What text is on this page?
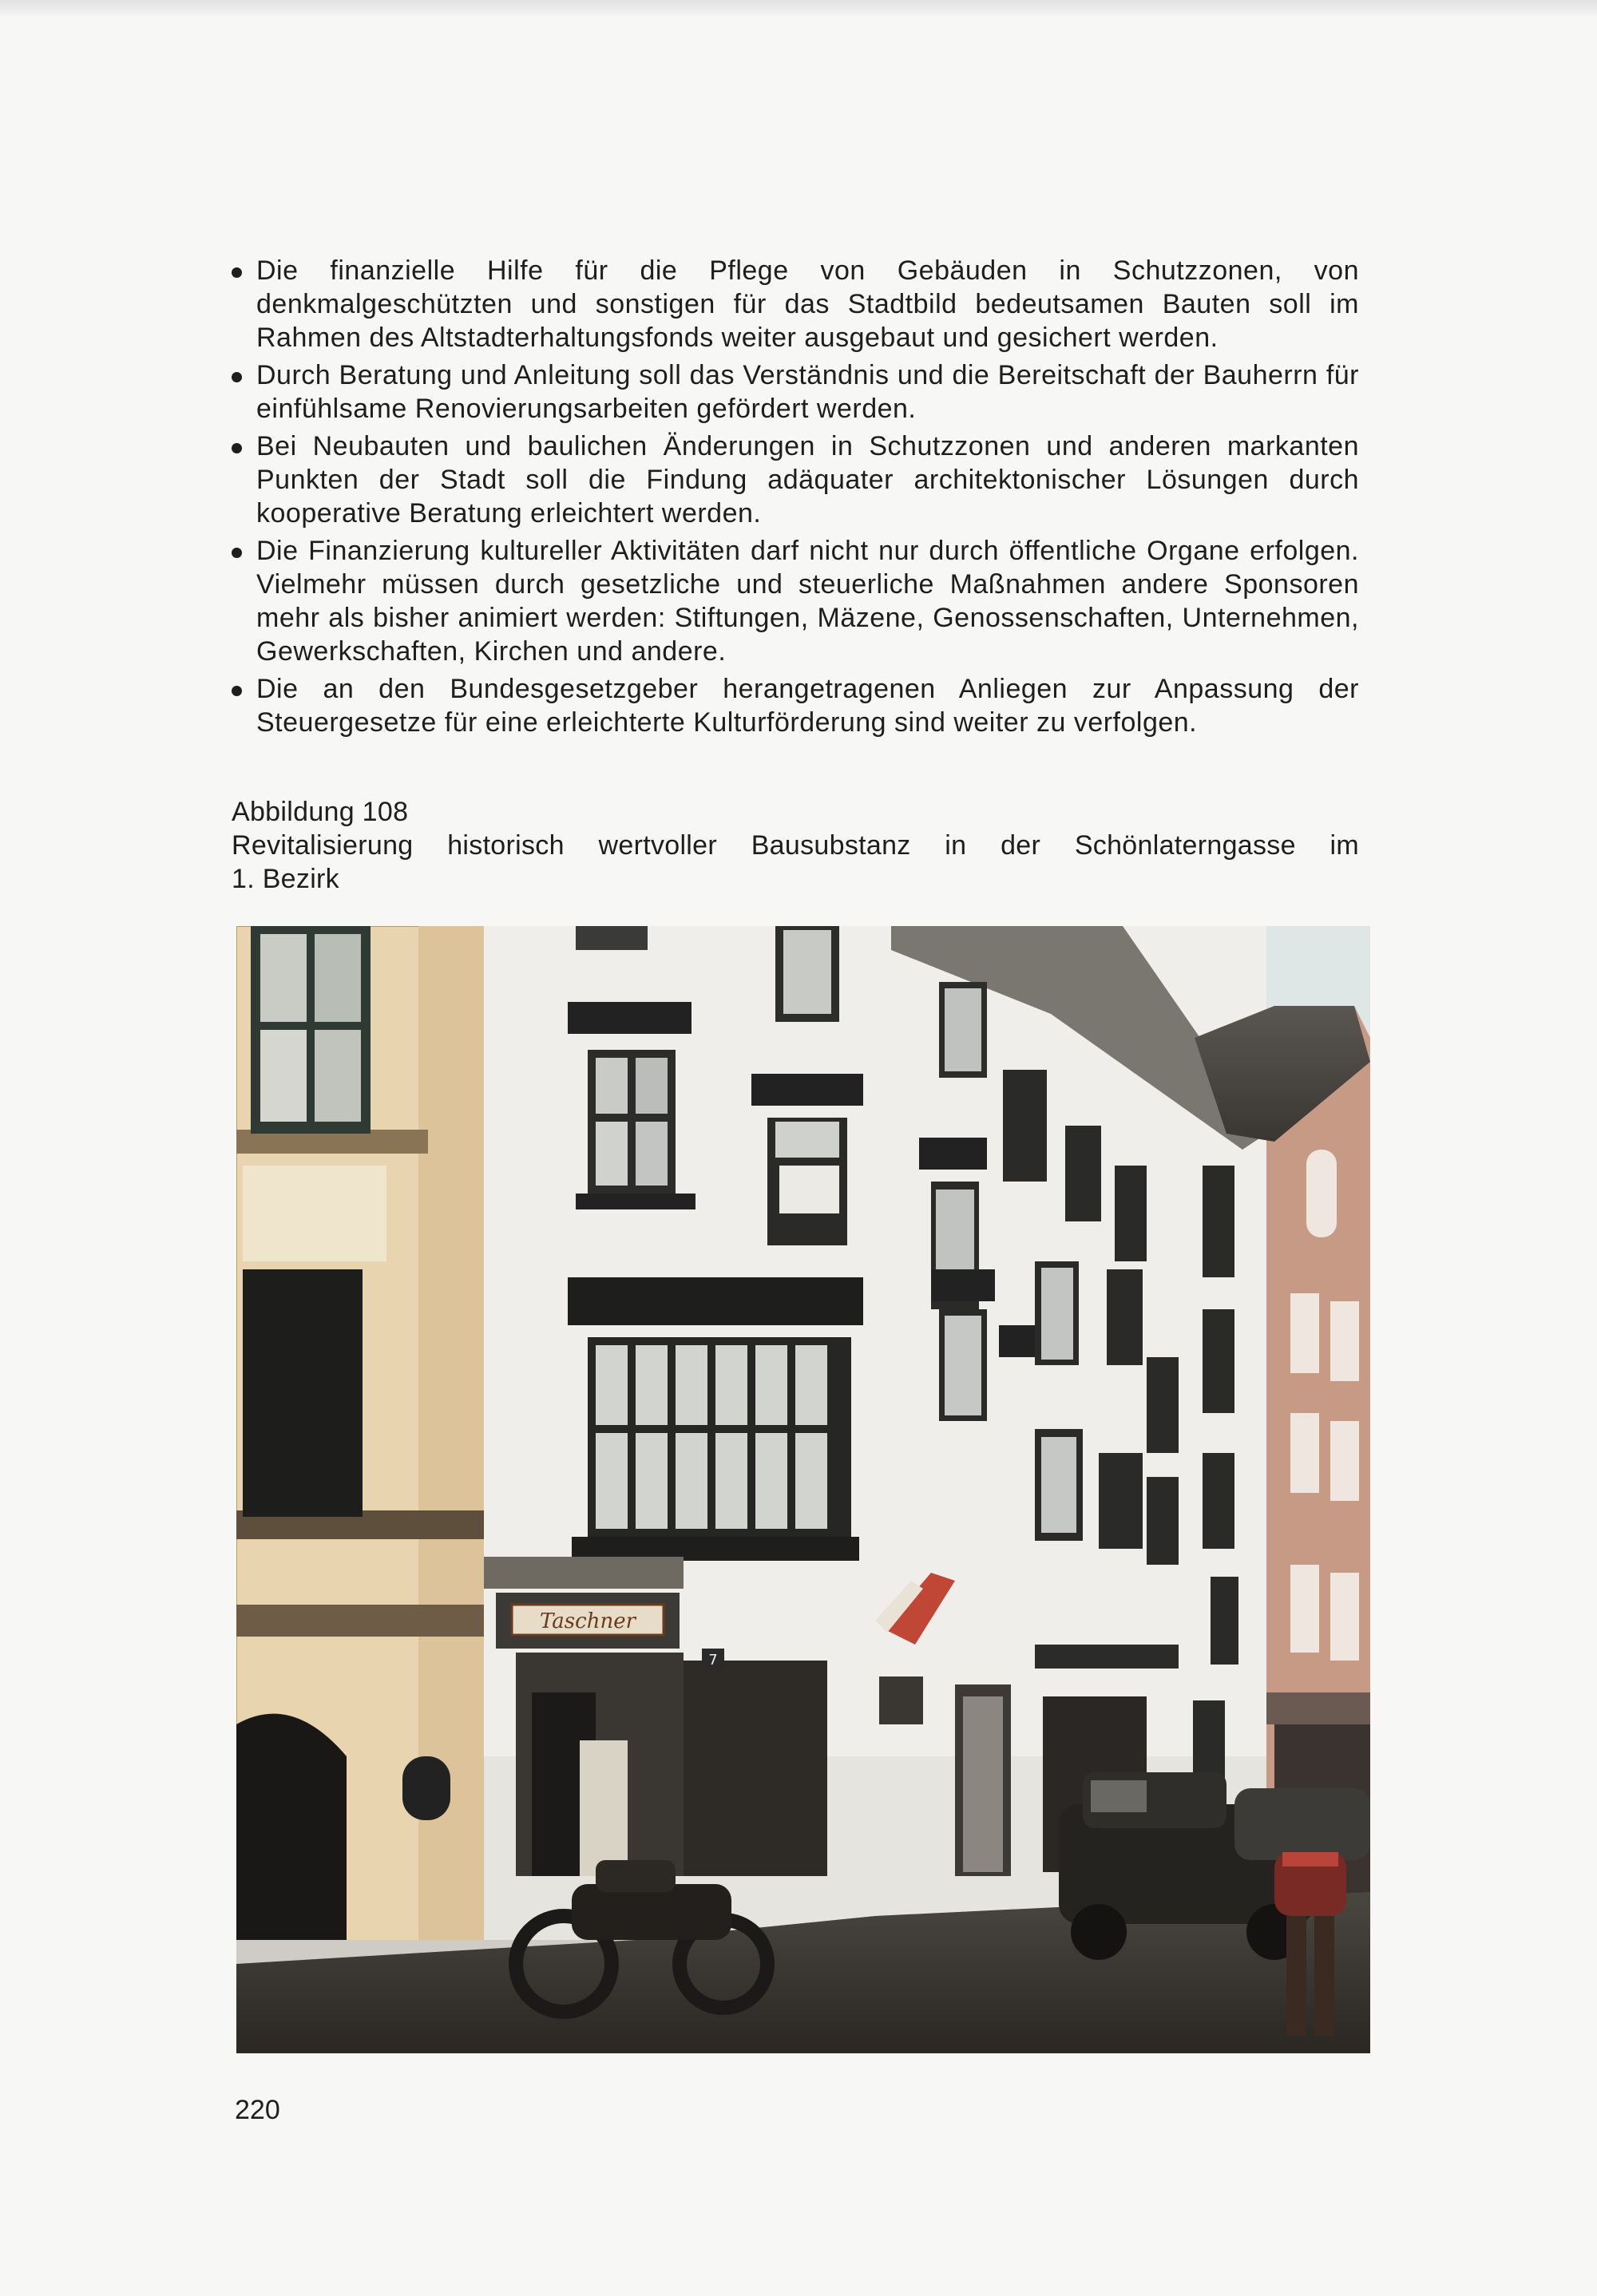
Die finanzielle Hilfe für die Pflege von Gebäuden in Schutzzonen, von denkmalgeschützten und sonstigen für das Stadtbild bedeutsamen Bauten soll im Rahmen des Altstadterhaltungsfonds weiter ausgebaut und gesichert werden.
Durch Beratung und Anleitung soll das Verständnis und die Bereitschaft der Bauherrn für einfühlsame Renovierungsarbeiten gefördert werden.
Bei Neubauten und baulichen Änderungen in Schutzzonen und anderen markanten Punkten der Stadt soll die Findung adäquater architektonischer Lösungen durch kooperative Beratung erleichtert werden.
Die Finanzierung kultureller Aktivitäten darf nicht nur durch öffentliche Organe erfolgen. Vielmehr müssen durch gesetzliche und steuerliche Maßnahmen andere Sponsoren mehr als bisher animiert werden: Stiftungen, Mäzene, Genossenschaften, Unternehmen, Gewerkschaften, Kirchen und andere.
Die an den Bundesgesetzgeber herangetragenen Anliegen zur Anpassung der Steuergesetze für eine erleichterte Kulturförderung sind weiter zu verfolgen.
Abbildung 108
Revitalisierung historisch wertvoller Bausubstanz in der Schönlaterngasse im
1. Bezirk
Taschner
7
220
